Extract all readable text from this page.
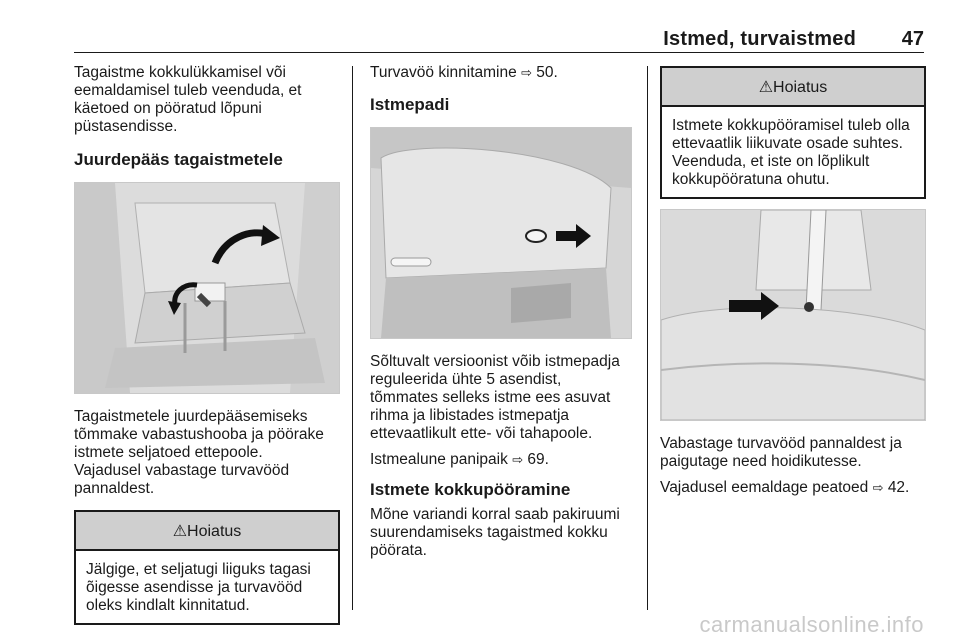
Istmed, turvaistmed 47

Tagaistme kokkulükkamisel või eemaldamisel tuleb veenduda, et käetoed on pööratud lõpuni püstasendisse.

Juurdepääs tagaistmetele

Tagaistmetele juurdepääsemiseks tõmmake vabastushooba ja pöörake istmete seljatoed ettepoole.

Vajadusel vabastage turvavööd pannaldest.

⚠Hoiatus
Jälgige, et seljatugi liiguks tagasi õigesse asendisse ja turvavööd oleks kindlalt kinnitatud.

Turvavöö kinnitamine ⇨ 50.

Istmepadi

Sõltuvalt versioonist võib istmepadja reguleerida ühte 5 asendist, tõmmates selleks istme ees asuvat rihma ja libistades istmepatja ettevaatlikult ette- või tahapoole.

Istmealune panipaik ⇨ 69.

Istmete kokkupööramine

Mõne variandi korral saab pakiruumi suurendamiseks tagaistmed kokku pöörata.

⚠Hoiatus
Istmete kokkupööramisel tuleb olla ettevaatlik liikuvate osade suhtes. Veenduda, et iste on lõplikult kokkupööratuna ohutu.

Vabastage turvavööd pannaldest ja paigutage need hoidikutesse.

Vajadusel eemaldage peatoed ⇨ 42.

carmanualsonline.info
